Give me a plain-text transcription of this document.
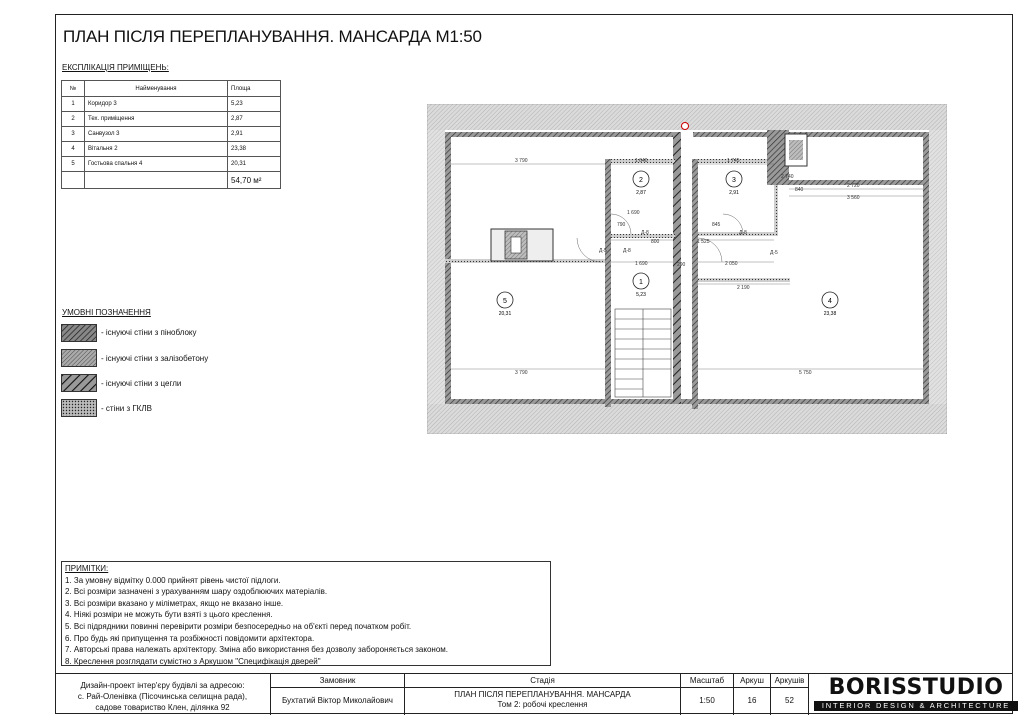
ПЛАН ПІСЛЯ ПЕРЕПЛАНУВАННЯ. МАНСАРДА М1:50
ЕКСПЛІКАЦІЯ ПРИМІЩЕНЬ:
№	Найменування	Площа
1	Коридор 3	5,23
2	Тех. приміщення	2,87
3	Санвузол 3	2,91
4	Вітальня 2	23,38
5	Гостьова спальня 4	20,31
		54,70 м²
3 790	1 640	1 745
2 740
2 720
3 560
1 690
800
845
1 525
2 050
2 190
5 750
3 790
1 690
790
290
840
Д-8	Д-8
Д-5
Д-5	Д-8
2
2,87
3
2,91
1
5,23
5
20,31
4
23,38
УМОВНІ ПОЗНАЧЕННЯ
- існуючі стіни з піноблоку
- існуючі стіни з залізобетону
- існуючі стіни з цегли
- стіни з ГКЛВ
ПРИМІТКИ:
1. За умовну відмітку 0.000 прийнят рівень чистої підлоги.
2. Всі розміри зазначені з урахуванням шару оздоблюючих матеріалів.
3. Всі розміри вказано у міліметрах, якщо не вказано інше.
4. Ніякі розміри не можуть бути взяті з цього креслення.
5. Всі підрядники повинні перевірити розміри безпосередньо на об'єкті перед початком робіт.
6. Про будь які припущення та розбіжності повідомити архітектора.
7. Авторські права належать архітектору. Зміна або використання без дозволу забороняється законом.
8. Креслення розглядати сумістно з Аркушом "Специфікація дверей"
Дизайн-проект інтер'єру будівлі за адресою:
с. Рай-Оленівка (Пісочинська селищна рада),
садове товариство Клен, ділянка 92
Замовник
Бухтатий Віктор Миколайович
Стадія
ПЛАН ПІСЛЯ ПЕРЕПЛАНУВАННЯ. МАНСАРДА
Том 2: робочі креслення
Масштаб
1:50
Аркуш
16
Аркушів
52
BORISSTUDIO
INTERIOR DESIGN & ARCHITECTURE
